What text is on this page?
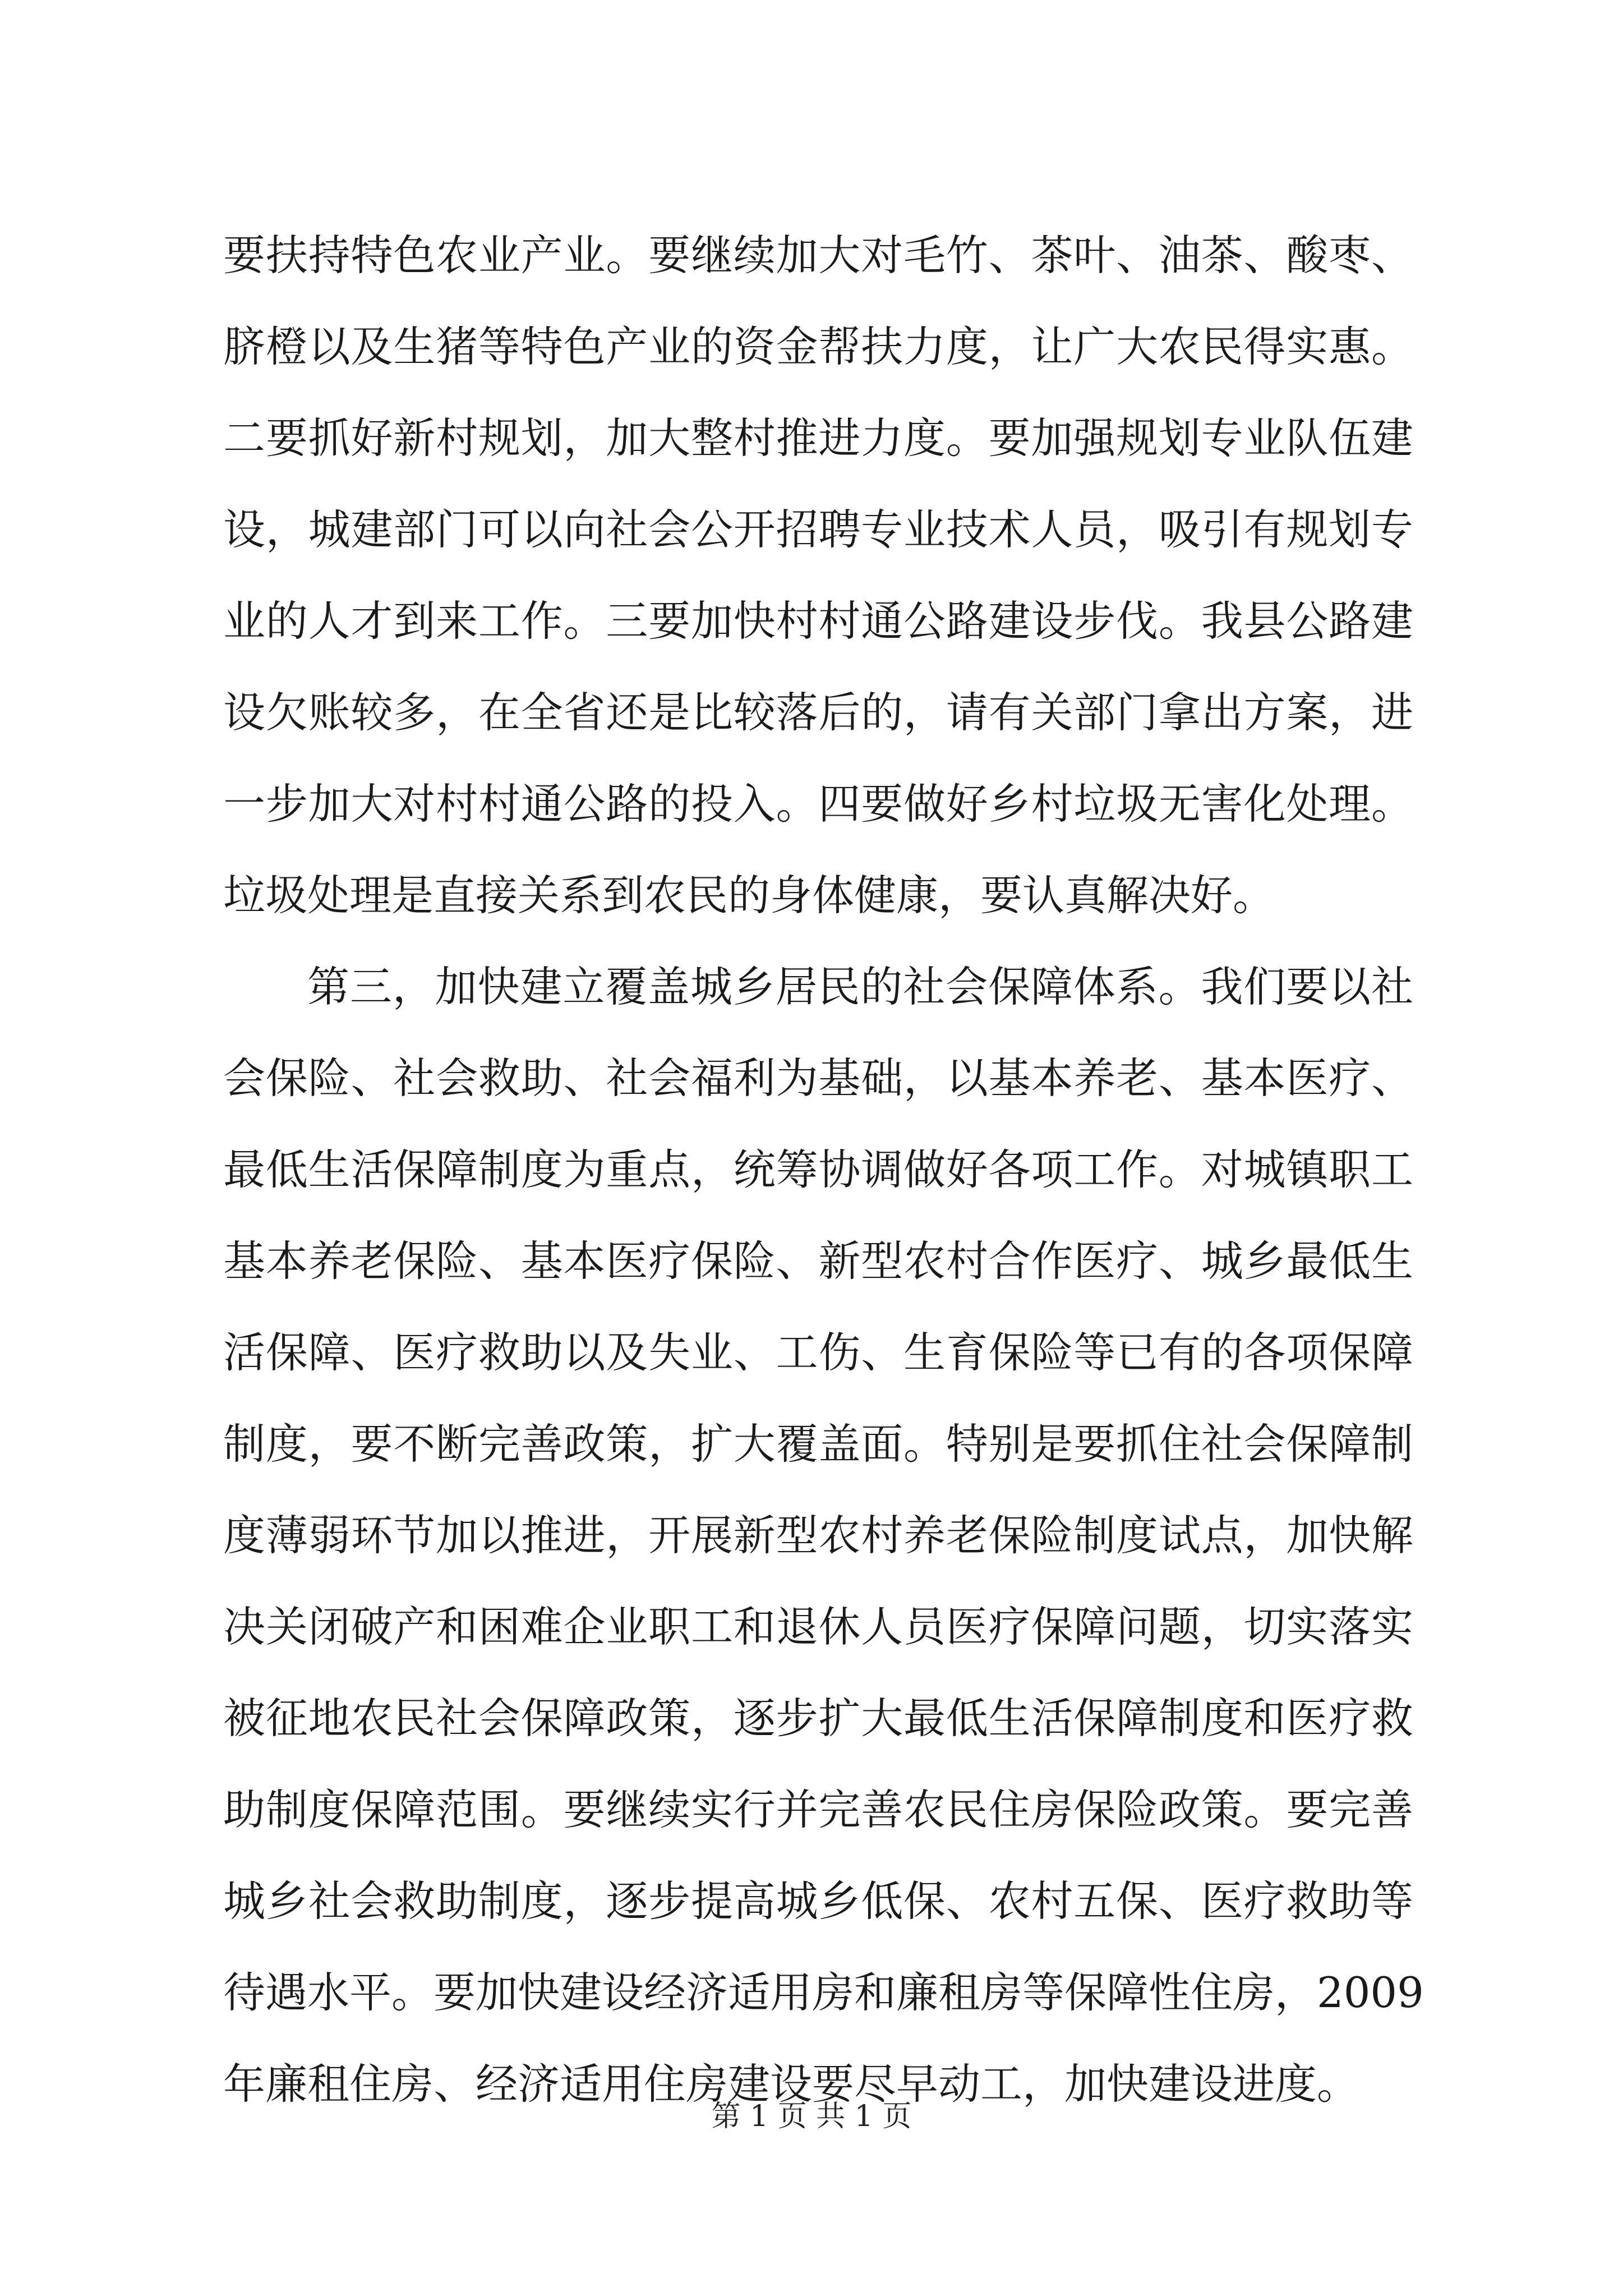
要扶持特色农业产业。要继续加大对毛竹、茶叶、油茶、酸枣、
脐橙以及生猪等特色产业的资金帮扶力度，让广大农民得实惠。
二要抓好新村规划，加大整村推进力度。要加强规划专业队伍建
设，城建部门可以向社会公开招聘专业技术人员，吸引有规划专
业的人才到来工作。三要加快村村通公路建设步伐。我县公路建
设欠账较多，在全省还是比较落后的，请有关部门拿出方案，进
一步加大对村村通公路的投入。四要做好乡村垃圾无害化处理。
垃圾处理是直接关系到农民的身体健康，要认真解决好。
第三，加快建立覆盖城乡居民的社会保障体系。我们要以社
会保险、社会救助、社会福利为基础，以基本养老、基本医疗、
最低生活保障制度为重点，统筹协调做好各项工作。对城镇职工
基本养老保险、基本医疗保险、新型农村合作医疗、城乡最低生
活保障、医疗救助以及失业、工伤、生育保险等已有的各项保障
制度，要不断完善政策，扩大覆盖面。特别是要抓住社会保障制
度薄弱环节加以推进，开展新型农村养老保险制度试点，加快解
决关闭破产和困难企业职工和退休人员医疗保障问题，切实落实
被征地农民社会保障政策，逐步扩大最低生活保障制度和医疗救
助制度保障范围。要继续实行并完善农民住房保险政策。要完善
城乡社会救助制度，逐步提高城乡低保、农村五保、医疗救助等
待遇水平。要加快建设经济适用房和廉租房等保障性住房，2009
年廉租住房、经济适用住房建设要尽早动工，加快建设进度。
第 1 页 共 1 页
